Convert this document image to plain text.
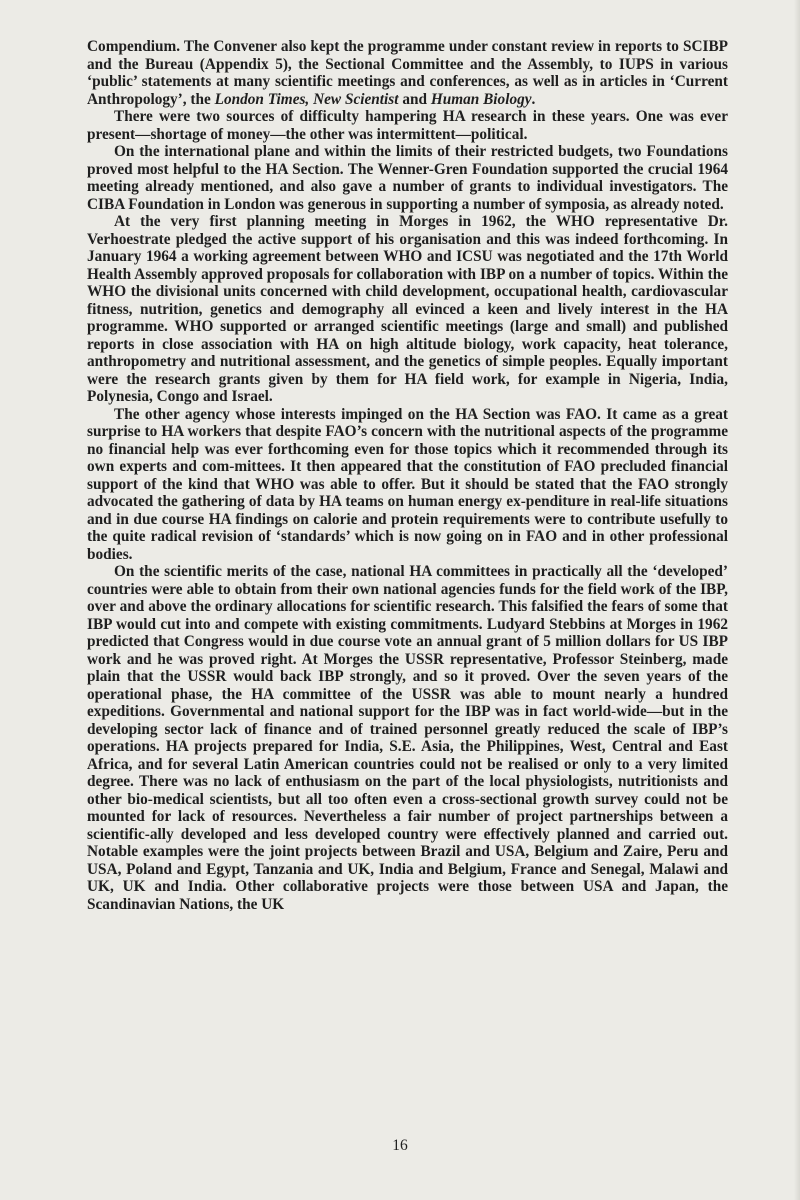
Compendium. The Convener also kept the programme under constant review in reports to SCIBP and the Bureau (Appendix 5), the Sectional Committee and the Assembly, to IUPS in various ‘public’ statements at many scientific meetings and conferences, as well as in articles in ‘Current Anthropology’, the London Times, New Scientist and Human Biology.

There were two sources of difficulty hampering HA research in these years. One was ever present—shortage of money—the other was intermittent—political.

On the international plane and within the limits of their restricted budgets, two Foundations proved most helpful to the HA Section. The Wenner-Gren Foundation supported the crucial 1964 meeting already mentioned, and also gave a number of grants to individual investigators. The CIBA Foundation in London was generous in supporting a number of symposia, as already noted.

At the very first planning meeting in Morges in 1962, the WHO representative Dr. Verhoestrate pledged the active support of his organisation and this was indeed forthcoming. In January 1964 a working agreement between WHO and ICSU was negotiated and the 17th World Health Assembly approved proposals for collaboration with IBP on a number of topics. Within the WHO the divisional units concerned with child development, occupational health, cardiovascular fitness, nutrition, genetics and demography all evinced a keen and lively interest in the HA programme. WHO supported or arranged scientific meetings (large and small) and published reports in close association with HA on high altitude biology, work capacity, heat tolerance, anthropometry and nutritional assessment, and the genetics of simple peoples. Equally important were the research grants given by them for HA field work, for example in Nigeria, India, Polynesia, Congo and Israel.

The other agency whose interests impinged on the HA Section was FAO. It came as a great surprise to HA workers that despite FAO’s concern with the nutritional aspects of the programme no financial help was ever forthcoming even for those topics which it recommended through its own experts and com-mittees. It then appeared that the constitution of FAO precluded financial support of the kind that WHO was able to offer. But it should be stated that the FAO strongly advocated the gathering of data by HA teams on human energy ex-penditure in real-life situations and in due course HA findings on calorie and protein requirements were to contribute usefully to the quite radical revision of ‘standards’ which is now going on in FAO and in other professional bodies.

On the scientific merits of the case, national HA committees in practically all the ‘developed’ countries were able to obtain from their own national agencies funds for the field work of the IBP, over and above the ordinary allocations for scientific research. This falsified the fears of some that IBP would cut into and compete with existing commitments. Ludyard Stebbins at Morges in 1962 predicted that Congress would in due course vote an annual grant of 5 million dollars for US IBP work and he was proved right. At Morges the USSR representative, Professor Steinberg, made plain that the USSR would back IBP strongly, and so it proved. Over the seven years of the operational phase, the HA committee of the USSR was able to mount nearly a hundred expeditions. Governmental and national support for the IBP was in fact world-wide—but in the developing sector lack of finance and of trained personnel greatly reduced the scale of IBP’s operations. HA projects prepared for India, S.E. Asia, the Philippines, West, Central and East Africa, and for several Latin American countries could not be realised or only to a very limited degree. There was no lack of enthusiasm on the part of the local physiologists, nutritionists and other bio-medical scientists, but all too often even a cross-sectional growth survey could not be mounted for lack of resources. Nevertheless a fair number of project partnerships between a scientific-ally developed and less developed country were effectively planned and carried out. Notable examples were the joint projects between Brazil and USA, Belgium and Zaire, Peru and USA, Poland and Egypt, Tanzania and UK, India and Belgium, France and Senegal, Malawi and UK, UK and India. Other collaborative projects were those between USA and Japan, the Scandinavian Nations, the UK

16
